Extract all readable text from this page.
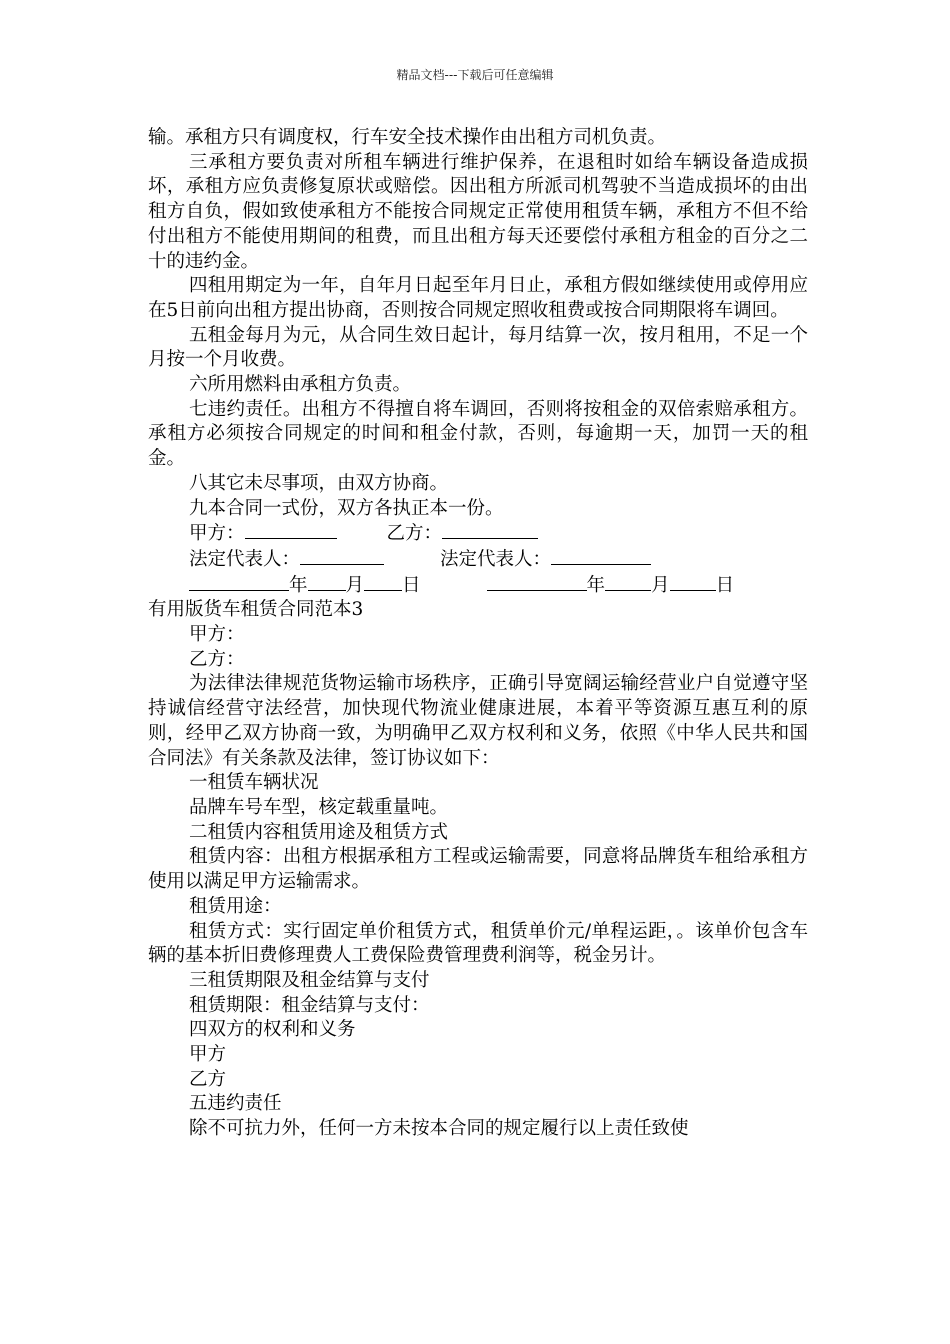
精品文档---下载后可任意编辑
输。承租方只有调度权，行车安全技术操作由出租方司机负责。
三承租方要负责对所租车辆进行维护保养，在退租时如给车辆设备造成损坏，承租方应负责修复原状或赔偿。因出租方所派司机驾驶不当造成损坏的由出租方自负，假如致使承租方不能按合同规定正常使用租赁车辆，承租方不但不给付出租方不能使用期间的租费，而且出租方每天还要偿付承租方租金的百分之二十的违约金。
四租用期定为一年，自年月日起至年月日止，承租方假如继续使用或停用应在5日前向出租方提出协商，否则按合同规定照收租费或按合同期限将车调回。
五租金每月为元，从合同生效日起计，每月结算一次，按月租用，不足一个月按一个月收费。
六所用燃料由承租方负责。
七违约责任。出租方不得擅自将车调回，否则将按租金的双倍索赔承租方。承租方必须按合同规定的时间和租金付款，否则，每逾期一天，加罚一天的租金。
八其它未尽事项，由双方协商。
九本合同一式份，双方各执正本一份。
甲方：	乙方：
法定代表人：	法定代表人：
年 月 日	年 月 日
有用版货车租赁合同范本3
甲方：
乙方：
为法律法律规范货物运输市场秩序，正确引导宽阔运输经营业户自觉遵守坚持诚信经营守法经营，加快现代物流业健康进展，本着平等资源互惠互利的原则，经甲乙双方协商一致，为明确甲乙双方权利和义务，依照《中华人民共和国合同法》有关条款及法律，签订协议如下：
一租赁车辆状况
品牌车号车型，核定载重量吨。
二租赁内容租赁用途及租赁方式
租赁内容：出租方根据承租方工程或运输需要，同意将品牌货车租给承租方使用以满足甲方运输需求。
租赁用途：
租赁方式：实行固定单价租赁方式，租赁单价元/单程运距，。该单价包含车辆的基本折旧费修理费人工费保险费管理费利润等，税金另计。
三租赁期限及租金结算与支付
租赁期限：租金结算与支付：
四双方的权利和义务
甲方
乙方
五违约责任
除不可抗力外，任何一方未按本合同的规定履行以上责任致使
